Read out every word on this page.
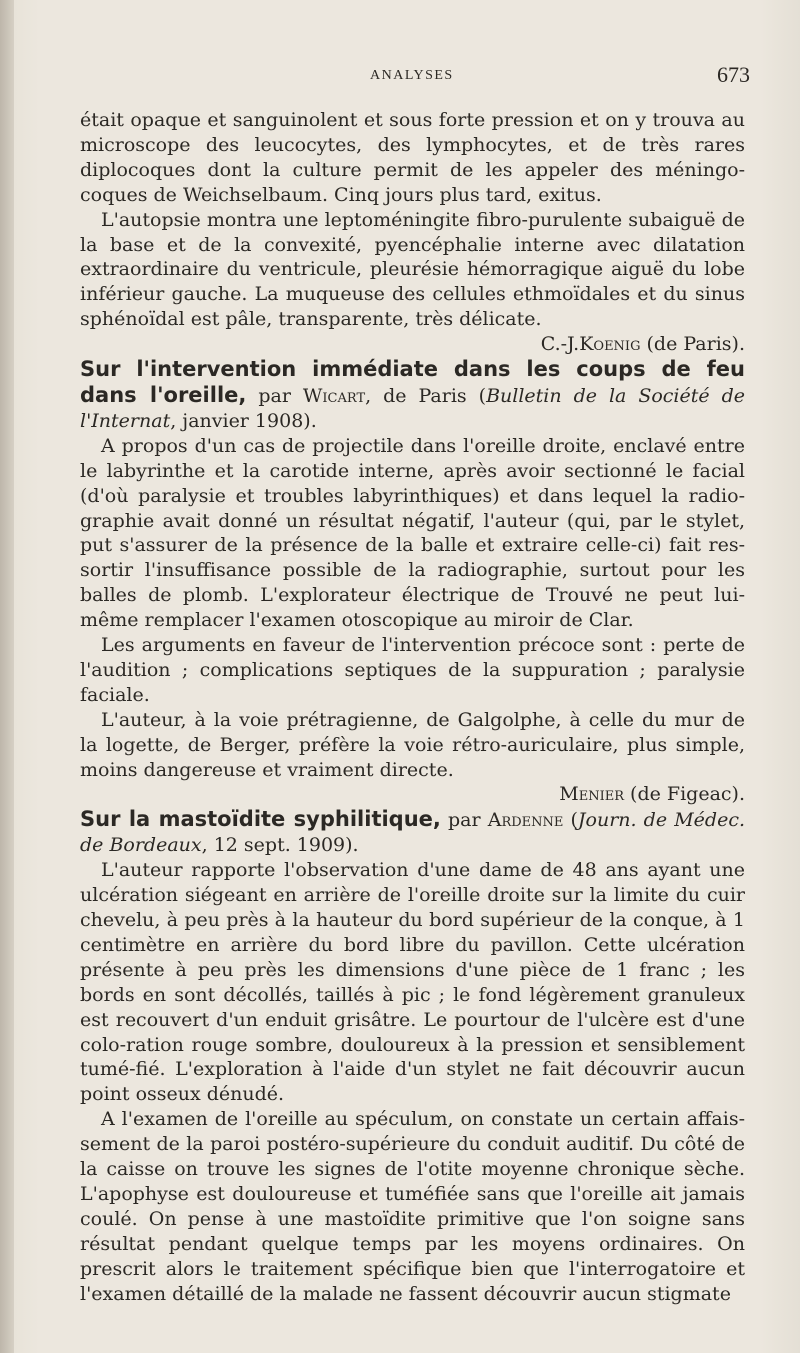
ANALYSES	673

était opaque et sanguinolent et sous forte pression et on y trouva au microscope des leucocytes, des lymphocytes, et de très rares diplocoques dont la culture permit de les appeler des méningo-coques de Weichselbaum. Cinq jours plus tard, exitus.

L'autopsie montra une leptoméningite fibro-purulente subaiguë de la base et de la convexité, pyencéphalie interne avec dilatation extraordinaire du ventricule, pleurésie hémorragique aiguë du lobe inférieur gauche. La muqueuse des cellules ethmoïdales et du sinus sphénoïdal est pâle, transparente, très délicate.

C.-J.Koenig (de Paris).

Sur l'intervention immédiate dans les coups de feu dans l'oreille, par Wicart, de Paris (Bulletin de la Société de l'Internat, janvier 1908).

A propos d'un cas de projectile dans l'oreille droite, enclavé entre le labyrinthe et la carotide interne, après avoir sectionné le facial (d'où paralysie et troubles labyrinthiques) et dans lequel la radio-graphie avait donné un résultat négatif, l'auteur (qui, par le stylet, put s'assurer de la présence de la balle et extraire celle-ci) fait res-sortir l'insuffisance possible de la radiographie, surtout pour les balles de plomb. L'explorateur électrique de Trouvé ne peut lui-même remplacer l'examen otoscopique au miroir de Clar.

Les arguments en faveur de l'intervention précoce sont : perte de l'audition ; complications septiques de la suppuration ; paralysie faciale.

L'auteur, à la voie prétragienne, de Galgolphe, à celle du mur de la logette, de Berger, préfère la voie rétro-auriculaire, plus simple, moins dangereuse et vraiment directe.

Menier (de Figeac).

Sur la mastoïdite syphilitique, par Ardenne (Journ. de Médec. de Bordeaux, 12 sept. 1909).

L'auteur rapporte l'observation d'une dame de 48 ans ayant une ulcération siégeant en arrière de l'oreille droite sur la limite du cuir chevelu, à peu près à la hauteur du bord supérieur de la conque, à 1 centimètre en arrière du bord libre du pavillon. Cette ulcération présente à peu près les dimensions d'une pièce de 1 franc ; les bords en sont décollés, taillés à pic ; le fond légèrement granuleux est recouvert d'un enduit grisâtre. Le pourtour de l'ulcère est d'une colo-ration rouge sombre, douloureux à la pression et sensiblement tumé-fié. L'exploration à l'aide d'un stylet ne fait découvrir aucun point osseux dénudé.

A l'examen de l'oreille au spéculum, on constate un certain affais-sement de la paroi postéro-supérieure du conduit auditif. Du côté de la caisse on trouve les signes de l'otite moyenne chronique sèche. L'apophyse est douloureuse et tuméfiée sans que l'oreille ait jamais coulé. On pense à une mastoïdite primitive que l'on soigne sans résultat pendant quelque temps par les moyens ordinaires. On prescrit alors le traitement spécifique bien que l'interrogatoire et l'examen détaillé de la malade ne fassent découvrir aucun stigmate
